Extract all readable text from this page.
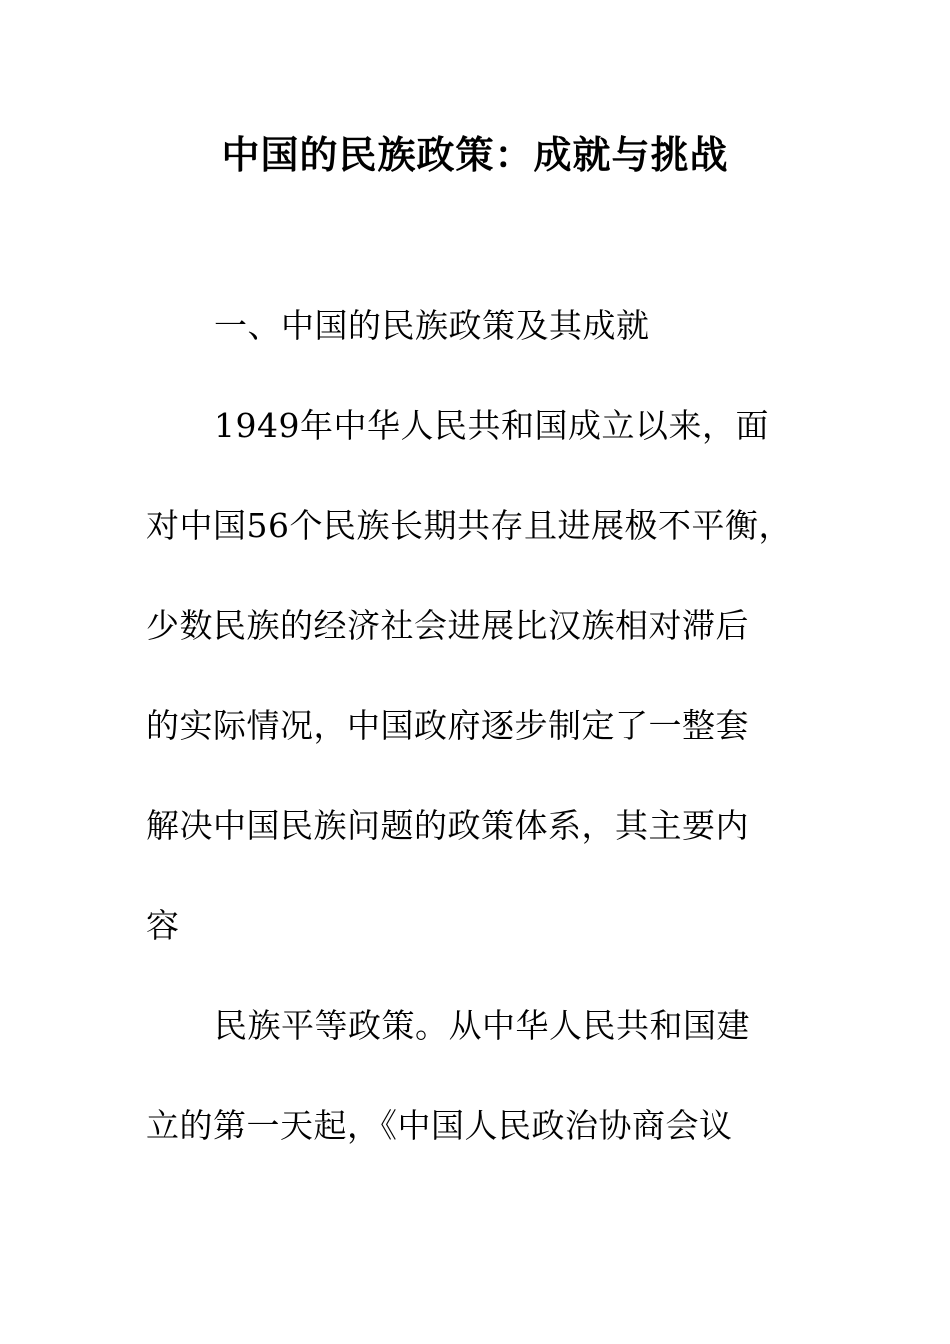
中国的民族政策：成就与挑战
一、中国的民族政策及其成就
1949年中华人民共和国成立以来，面
对中国56个民族长期共存且进展极不平衡，
少数民族的经济社会进展比汉族相对滞后
的实际情况，中国政府逐步制定了一整套
解决中国民族问题的政策体系，其主要内
容
民族平等政策。从中华人民共和国建
立的第一天起，《中国人民政治协商会议
